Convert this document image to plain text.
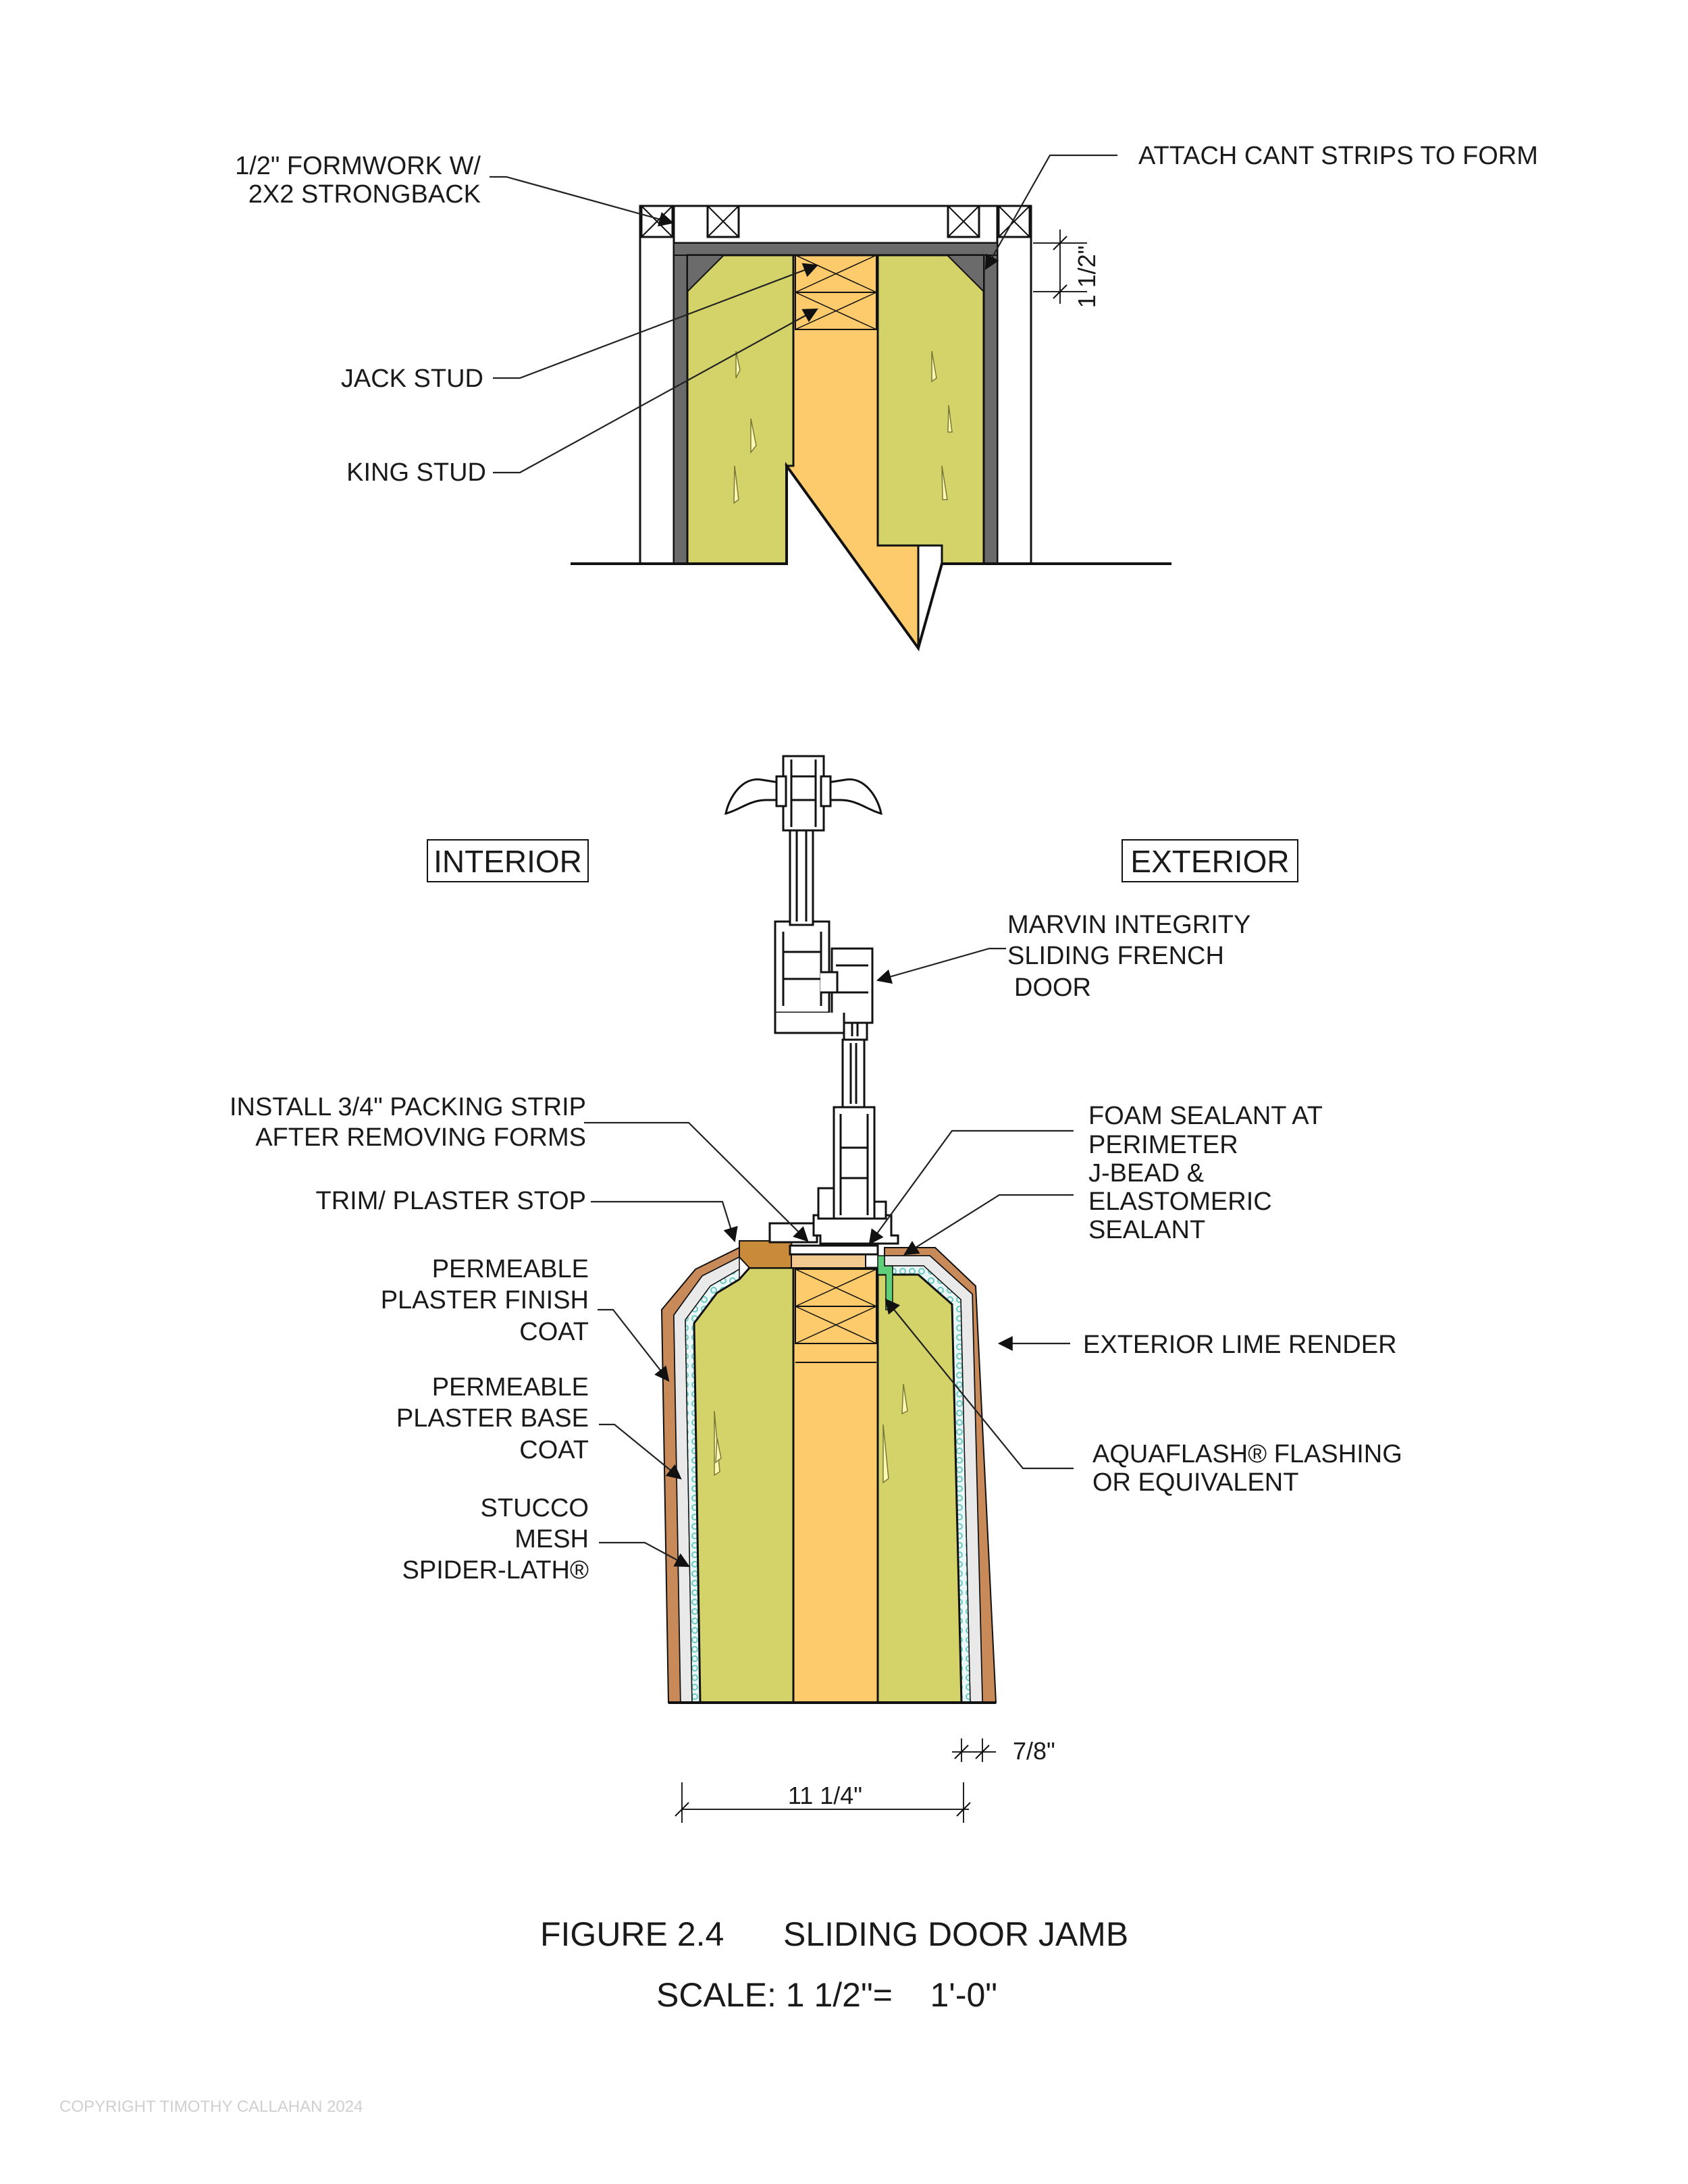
1/2" FORMWORK W/
2X2 STRONGBACK
ATTACH CANT STRIPS TO FORM
JACK STUD
KING STUD
1 1/2"
INTERIOR	EXTERIOR
MARVIN INTEGRITY
SLIDING FRENCH
DOOR
INSTALL 3/4" PACKING STRIP
AFTER REMOVING FORMS
TRIM/ PLASTER STOP
FOAM SEALANT AT
PERIMETER
J-BEAD &
ELASTOMERIC
SEALANT
PERMEABLE
PLASTER FINISH
COAT	EXTERIOR LIME RENDER
PERMEABLE
PLASTER BASE
COAT	AQUAFLASH® FLASHING
OR EQUIVALENT
STUCCO
MESH
SPIDER-LATH®
7/8"
11 1/4"
FIGURE 2.4 SLIDING DOOR JAMB
SCALE: 1 1/2"=    1'-0"
COPYRIGHT TIMOTHY CALLAHAN 2024
